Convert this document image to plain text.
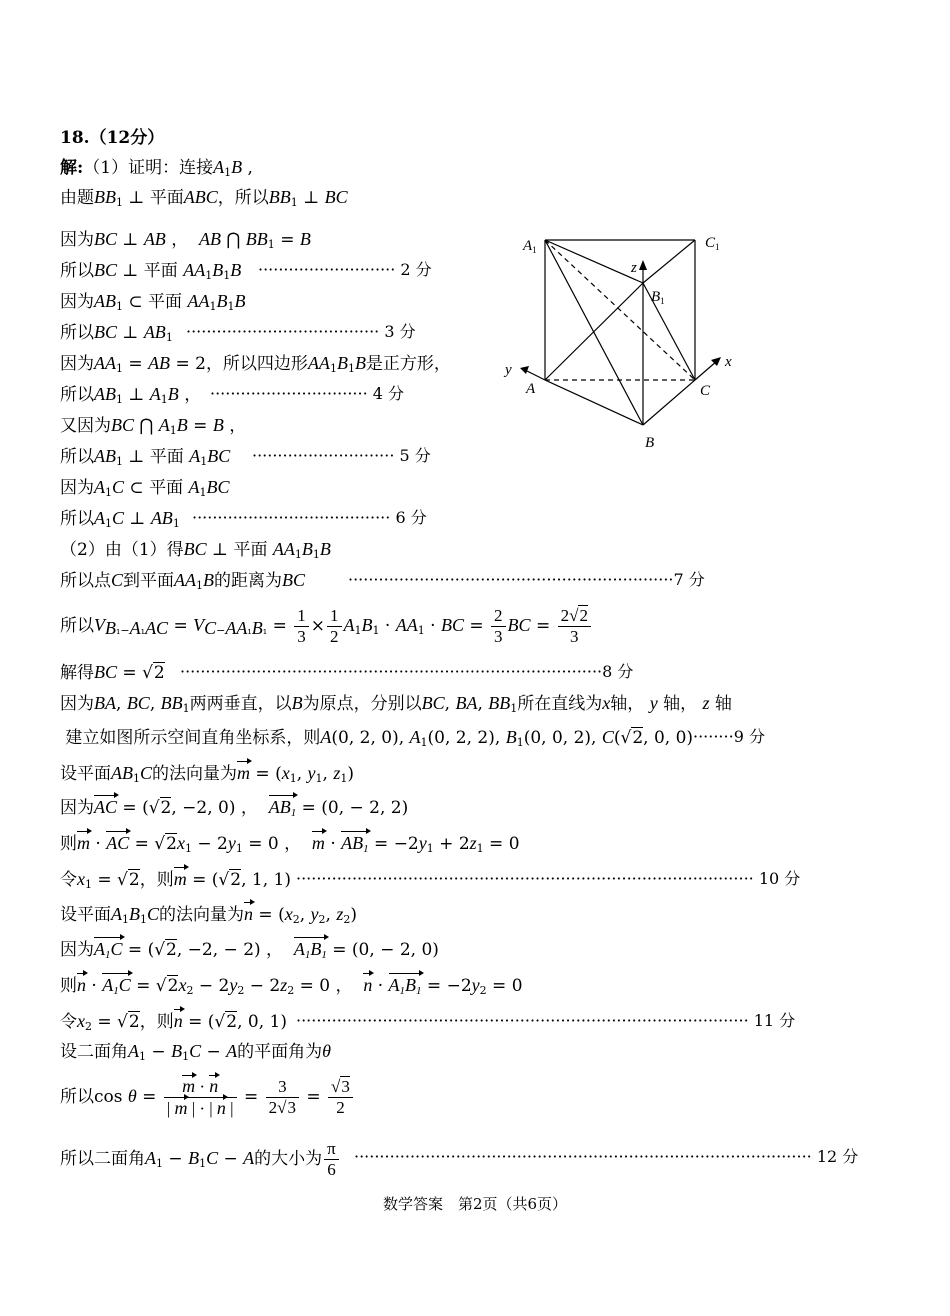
18.（12分）
解:（1）证明：连接$A_1B$ ,
由题$BB_1$ ⊥ 平面ABC，所以$BB_1$ ⊥ BC
因为BC ⊥ AB ，  AB ⋂ $BB_1 = B$
所以BC ⊥ 平面 $AA_1B_1B$ ··························· 2 分
因为$AB_1$ ⊂ 平面 $AA_1B_1B$
所以BC ⊥ $AB_1$ ······································ 3 分
因为$AA_1$ = AB = 2，所以四边形$AA_1B_1B$是正方形，
所以$AB_1$ ⊥ $A_1B$ ， ······························· 4 分
又因为BC ⋂ $A_1B = B$ ，
所以$AB_1$ ⊥ 平面 $A_1BC$ ···························· 5 分
因为$A_1C$ ⊂ 平面 $A_1BC$
所以$A_1C$ ⊥ $AB_1$ ······································· 6 分
（2）由（1）得BC ⊥ 平面 $AA_1B_1B$
所以点C到平面$AA_1B$的距离为BC	································································7 分
所以$V_{B_1-A_1AC} = V_{C-AA_1B_1} = \frac{1}{3} \times \frac{1}{2} A_1B_1 \cdot AA_1$ · BC = $\frac{2}{3}$ BC = $\frac{2√2}{3}$
解得BC = √2 ···················································································8 分
因为BA, BC, $BB_1$两两垂直，以B为原点，分别以BC, BA, $BB_1$所在直线为x轴， y 轴， z 轴
建立如图所示空间直角坐标系，则A(0, 2, 0), $A_1(0$, 2, 2), $B_1(0$, 0, 2), C(√2, 0, 0) ········9 分
设平面$AB_1C$的法向量为$m = (x_1$, $y_1$, $z_1$)
因为AC = (√2, −2, 0) ，  $AB_1 = (0$, − 2, 2)
则m · AC = $√2x_1 - 2y_1 = 0$ ，  $m \cdot AB_1 = -2y_1 + 2z_1 = 0$
令$x_1 = √2$，则m = (√2, 1, 1) ·························································································· 10 分
设平面$A_1B_1C$的法向量为$n = (x_2$, $y_2$, $z_2$)
因为$A_1C = (√2$, −2, − 2) ，  $A_1B_1 = (0$, − 2, 0)
则$n \cdot A_1C = √2x_2 - 2y_2 - 2z_2 = 0$ ，  $n \cdot A_1B_1 = -2y_2 = 0$
令$x_2 = √2$，则n = (√2, 0, 1) ························································································· 11 分
设二面角$A_1 - B_1C - A$的平面角为θ
所以$\cos \theta = \frac{m \cdot n}{| m | \cdot | n |} = \frac{3}{2√3} = \frac{√3}{2}$
所以二面角$A_1 - B_1C - A$的大小为 $\frac{\pi}{6}$ ·························································································· 12 分
$A_1$	$C_1$
z
$B_1$
y	x
A	C
B
数学答案　第2页（共6页）
